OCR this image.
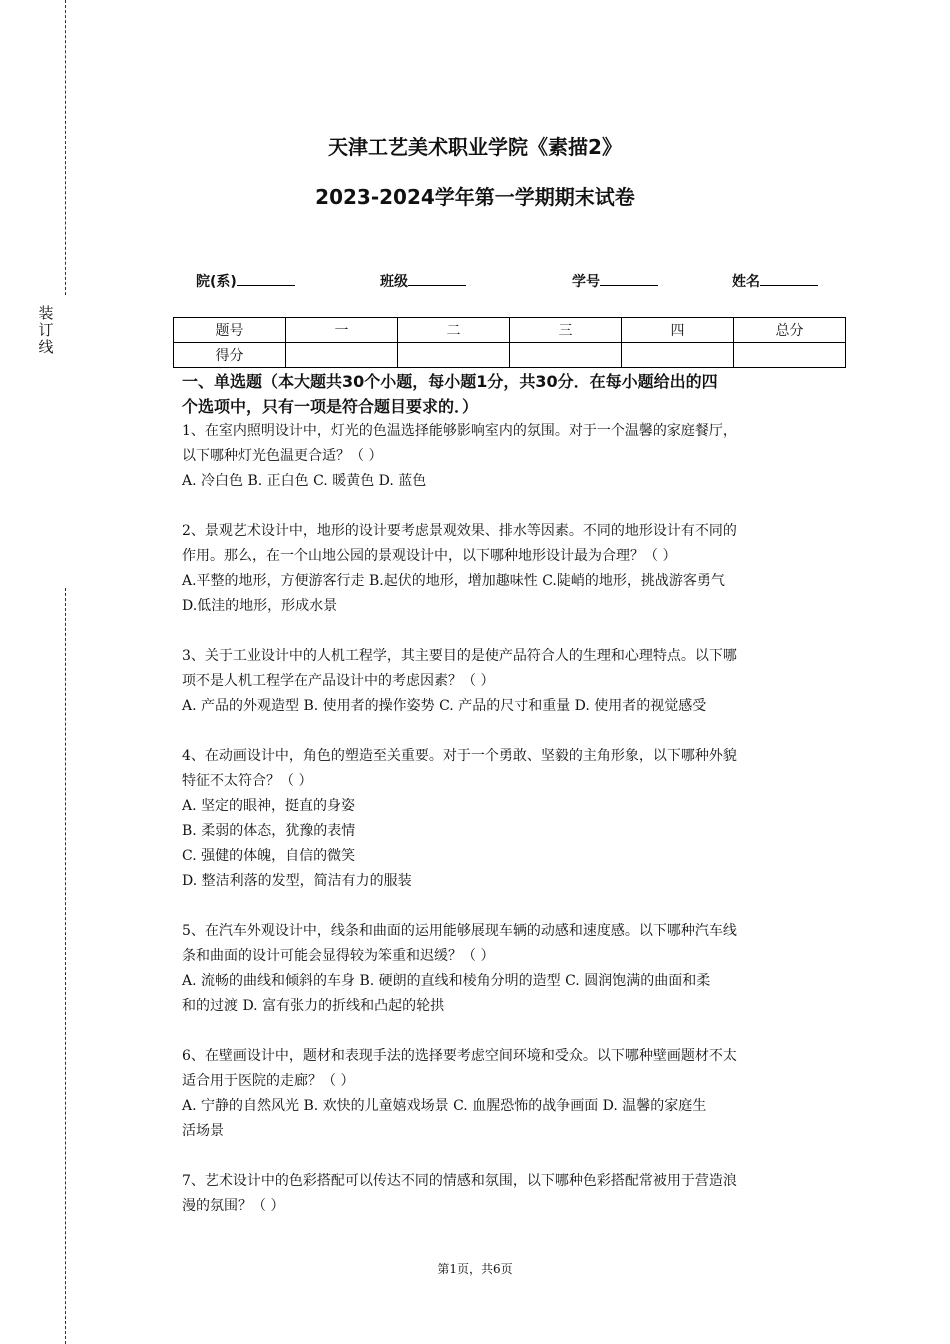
装
订
线
天津工艺美术职业学院《素描2》
2023-2024学年第一学期期末试卷
院(系)	班级	学号	姓名
题号	一	二	三	四	总分
得分					
一、单选题（本大题共30个小题，每小题1分，共30分．在每小题给出的四
个选项中，只有一项是符合题目要求的．）

1、在室内照明设计中，灯光的色温选择能够影响室内的氛围。对于一个温馨的家庭餐厅，

以下哪种灯光色温更合适？（ ）

A. 冷白色 B. 正白色 C. 暖黄色 D. 蓝色

2、景观艺术设计中，地形的设计要考虑景观效果、排水等因素。不同的地形设计有不同的

作用。那么，在一个山地公园的景观设计中，以下哪种地形设计最为合理？（ ）

A.平整的地形，方便游客行走 B.起伏的地形，增加趣味性 C.陡峭的地形，挑战游客勇气

D.低洼的地形，形成水景

3、关于工业设计中的人机工程学，其主要目的是使产品符合人的生理和心理特点。以下哪

项不是人机工程学在产品设计中的考虑因素？（ ）

A. 产品的外观造型 B. 使用者的操作姿势 C. 产品的尺寸和重量 D. 使用者的视觉感受

4、在动画设计中，角色的塑造至关重要。对于一个勇敢、坚毅的主角形象，以下哪种外貌

特征不太符合？（ ）

A. 坚定的眼神，挺直的身姿

B. 柔弱的体态，犹豫的表情

C. 强健的体魄，自信的微笑

D. 整洁利落的发型，简洁有力的服装

5、在汽车外观设计中，线条和曲面的运用能够展现车辆的动感和速度感。以下哪种汽车线

条和曲面的设计可能会显得较为笨重和迟缓？（ ）

A. 流畅的曲线和倾斜的车身 B. 硬朗的直线和棱角分明的造型 C. 圆润饱满的曲面和柔

和的过渡 D. 富有张力的折线和凸起的轮拱

6、在壁画设计中，题材和表现手法的选择要考虑空间环境和受众。以下哪种壁画题材不太

适合用于医院的走廊？（ ）

A. 宁静的自然风光 B. 欢快的儿童嬉戏场景 C. 血腥恐怖的战争画面 D. 温馨的家庭生

活场景

7、艺术设计中的色彩搭配可以传达不同的情感和氛围，以下哪种色彩搭配常被用于营造浪

漫的氛围？（ ）

第1页，共6页
